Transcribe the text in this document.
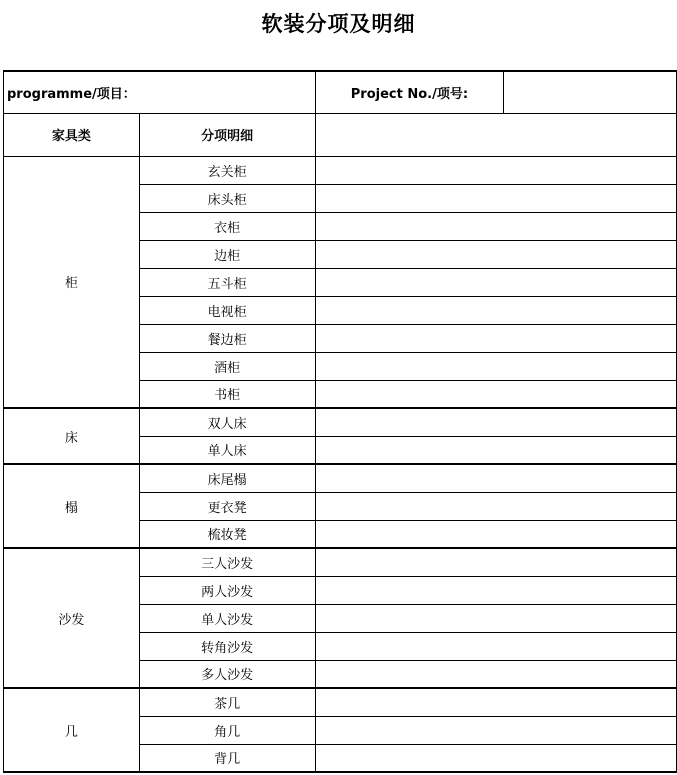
软装分项及明细
programme/项目：		Project No./项号:	
家具类	分项明细		
柜	玄关柜		
	床头柜		
	衣柜		
	边柜		
	五斗柜		
	电视柜		
	餐边柜		
	酒柜		
	书柜		
床	双人床		
	单人床		
榻	床尾榻		
	更衣凳		
	梳妆凳		
沙发	三人沙发		
	两人沙发		
	单人沙发		
	转角沙发		
	多人沙发		
几	茶几		
	角几		
	背几		
